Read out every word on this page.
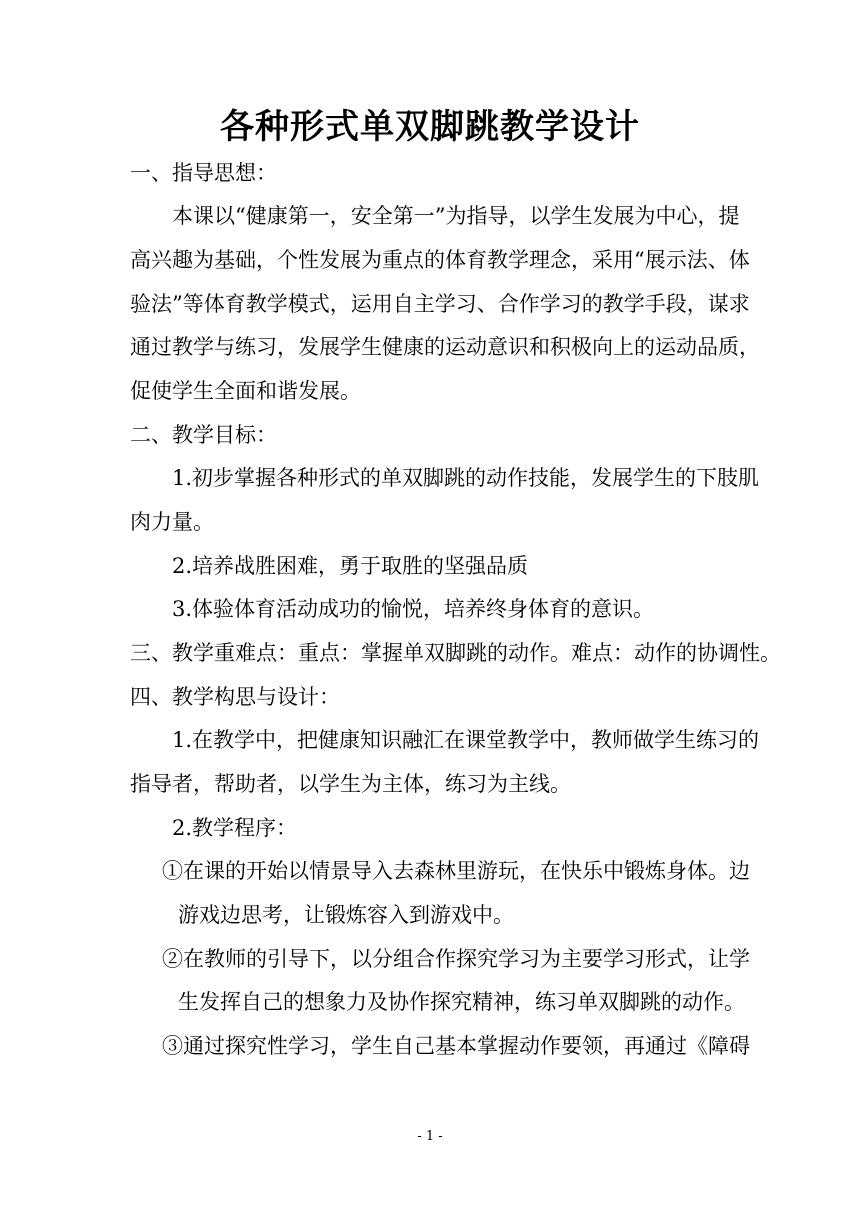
各种形式单双脚跳教学设计
一、指导思想：
本课以“健康第一，安全第一”为指导，以学生发展为中心，提
高兴趣为基础，个性发展为重点的体育教学理念，采用“展示法、体
验法”等体育教学模式，运用自主学习、合作学习的教学手段，谋求
通过教学与练习，发展学生健康的运动意识和积极向上的运动品质，
促使学生全面和谐发展。
二、教学目标：
1.初步掌握各种形式的单双脚跳的动作技能，发展学生的下肢肌
肉力量。
2.培养战胜困难，勇于取胜的坚强品质
3.体验体育活动成功的愉悦，培养终身体育的意识。
三、教学重难点：重点：掌握单双脚跳的动作。难点：动作的协调性。
四、教学构思与设计：
1.在教学中，把健康知识融汇在课堂教学中，教师做学生练习的
指导者，帮助者，以学生为主体，练习为主线。
2.教学程序：
①在课的开始以情景导入去森林里游玩，在快乐中锻炼身体。边
游戏边思考，让锻炼容入到游戏中。
②在教师的引导下，以分组合作探究学习为主要学习形式，让学
生发挥自己的想象力及协作探究精神，练习单双脚跳的动作。
③通过探究性学习，学生自己基本掌握动作要领，再通过《障碍
- 1 -
